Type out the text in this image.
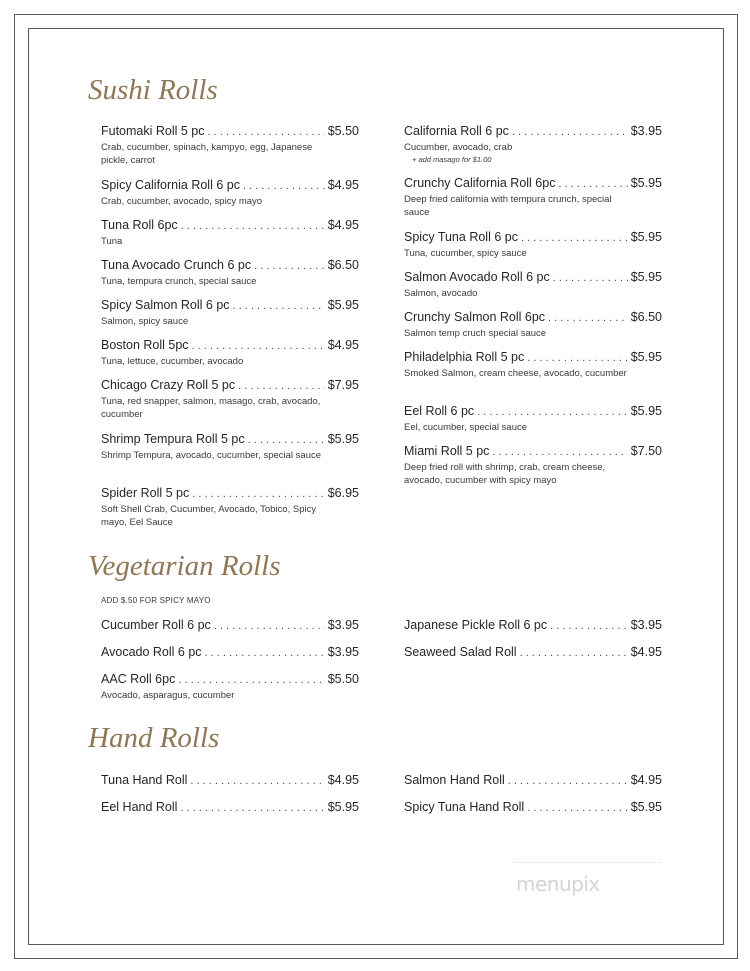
Sushi Rolls
Vegetarian Rolls
ADD $.50 FOR SPICY MAYO
Hand Rolls
Futomaki Roll 5 pc . . .	$5.50
Crab, cucumber, spinach, kampyo, egg, Japanese pickle, carrot
Spicy California Roll 6 pc . . .	$4.95
Crab, cucumber, avocado, spicy mayo
Tuna Roll 6pc . . .	$4.95
Tuna
Tuna Avocado Crunch 6 pc . . .	$6.50
Tuna, tempura crunch, special sauce
Spicy Salmon Roll 6 pc . . .	$5.95
Salmon, spicy sauce
Boston Roll 5pc . . .	$4.95
Tuna, lettuce, cucumber, avocado
Chicago Crazy Roll 5 pc . . .	$7.95
Tuna, red snapper, salmon, masago, crab, avocado, cucumber
Shrimp Tempura Roll 5 pc . . .	$5.95
Shrimp Tempura, avocado, cucumber, special sauce
Spider Roll 5 pc . . .	$6.95
Soft Shell Crab, Cucumber, Avocado, Tobico, Spicy mayo, Eel Sauce
California Roll 6 pc . . .	$3.95
Cucumber, avocado, crab
+ add masago for $1.00
Crunchy California Roll 6pc . . .	$5.95
Deep fried california with tempura crunch, special sauce
Spicy Tuna Roll 6 pc . . .	$5.95
Tuna, cucumber, spicy sauce
Salmon Avocado Roll 6 pc . . .	$5.95
Salmon, avocado
Crunchy Salmon Roll 6pc . . .	$6.50
Salmon temp cruch special sauce
Philadelphia Roll 5 pc . . .	$5.95
Smoked Salmon, cream cheese, avocado, cucumber
Eel Roll 6 pc . . .	$5.95
Eel, cucumber, special sauce
Miami Roll 5 pc . . .	$7.50
Deep fried roll with shrimp, crab, cream cheese, avocado, cucumber with spicy mayo
Cucumber Roll 6 pc . . .	$3.95
Avocado Roll 6 pc . . .	$3.95
AAC Roll 6pc . . .	$5.50
Avocado, asparagus, cucumber
Japanese Pickle Roll 6 pc . . .	$3.95
Seaweed Salad Roll . . .	$4.95
Tuna Hand Roll . . .	$4.95
Eel Hand Roll . . .	$5.95
Salmon Hand Roll . . .	$4.95
Spicy Tuna Hand Roll . . .	$5.95
menupix
